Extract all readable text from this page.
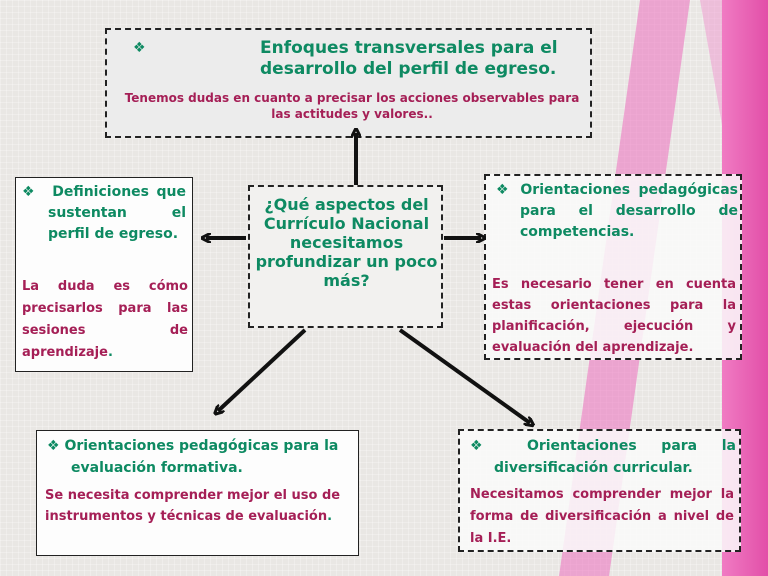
❖	Enfoques transversales para el desarrollo del perfil de egreso.
Tenemos dudas en cuanto a precisar los acciones observables para las actitudes y valores..
¿Qué aspectos del Currículo Nacional necesitamos profundizar un poco más?
❖ Definiciones que sustentan el perfil de egreso.
La duda es cómo precisarlos para las sesiones de aprendizaje.
❖ Orientaciones pedagógicas para el desarrollo de competencias.
Es necesario tener en cuenta estas orientaciones para la planificación, ejecución y evaluación del aprendizaje.
❖ Orientaciones pedagógicas para la evaluación formativa.
Se necesita comprender mejor el uso de instrumentos y técnicas de evaluación.
❖ Orientaciones para la diversificación curricular.
Necesitamos comprender mejor la forma de diversificación a nivel de la I.E.
